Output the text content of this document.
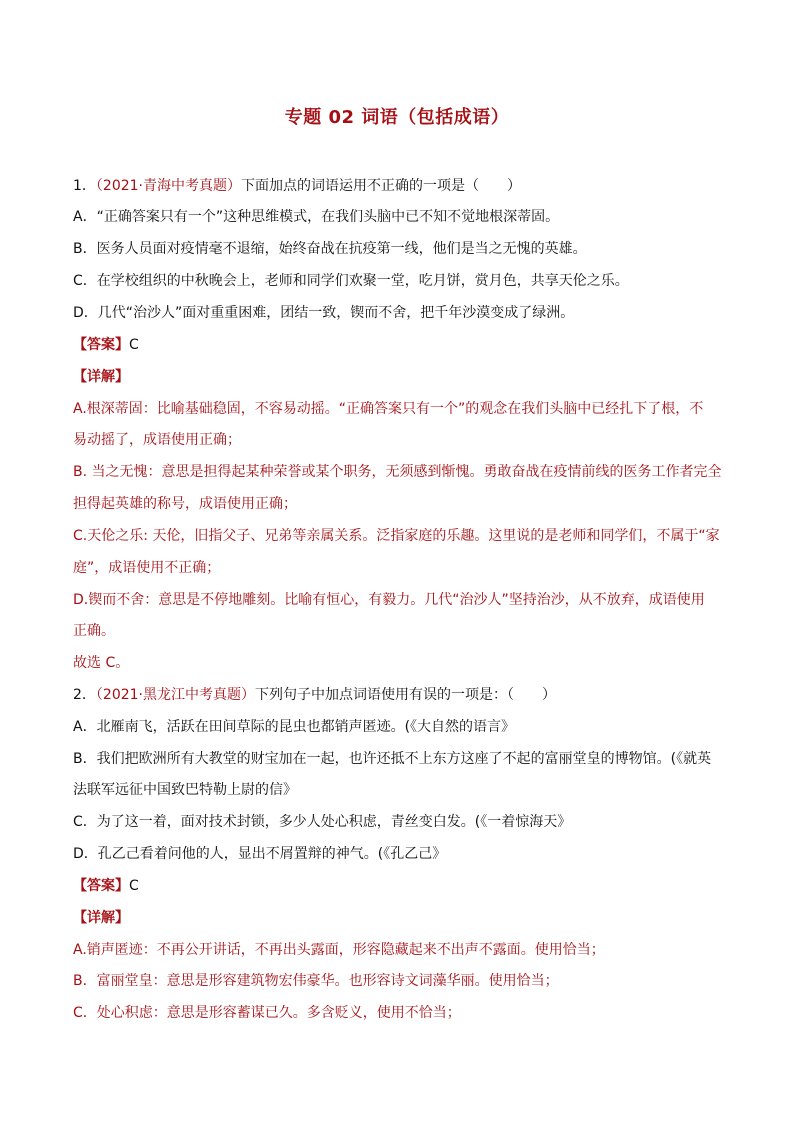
专题 02 词语（包括成语）
1．（2021·青海中考真题）下面加点的词语运用不正确的一项是（　　）
A．“正确答案只有一个”这种思维模式，在我们头脑中已不知不觉地根深蒂固。
B．医务人员面对疫情毫不退缩，始终奋战在抗疫第一线，他们是当之无愧的英雄。
C．在学校组织的中秋晚会上，老师和同学们欢聚一堂，吃月饼，赏月色，共享天伦之乐。
D．几代“治沙人”面对重重困难，团结一致，锲而不舍，把千年沙漠变成了绿洲。
【答案】C
【详解】
A.根深蒂固：比喻基础稳固，不容易动摇。“正确答案只有一个”的观念在我们头脑中已经扎下了根，不
易动摇了，成语使用正确；
B. 当之无愧：意思是担得起某种荣誉或某个职务，无须感到惭愧。勇敢奋战在疫情前线的医务工作者完全
担得起英雄的称号，成语使用正确；
C.天伦之乐: 天伦，旧指父子、兄弟等亲属关系。泛指家庭的乐趣。这里说的是老师和同学们，不属于“家
庭”，成语使用不正确；
D.锲而不舍：意思是不停地雕刻。比喻有恒心，有毅力。几代“治沙人”坚持治沙，从不放弃，成语使用
正确。
故选 C。
2．（2021·黑龙江中考真题）下列句子中加点词语使用有误的一项是：（　　）
A．北雁南飞，活跃在田间草际的昆虫也都销声匿迹。(《大自然的语言》
B．我们把欧洲所有大教堂的财宝加在一起，也许还抵不上东方这座了不起的富丽堂皇的博物馆。(《就英
法联军远征中国致巴特勒上尉的信》
C．为了这一着，面对技术封锁，多少人处心积虑，青丝变白发。(《一着惊海天》
D．孔乙己看着问他的人，显出不屑置辩的神气。(《孔乙己》
【答案】C
【详解】
A.销声匿迹：不再公开讲话，不再出头露面，形容隐藏起来不出声不露面。使用恰当；
B．富丽堂皇：意思是形容建筑物宏伟豪华。也形容诗文词藻华丽。使用恰当；
C．处心积虑：意思是形容蓄谋已久。多含贬义，使用不恰当；
